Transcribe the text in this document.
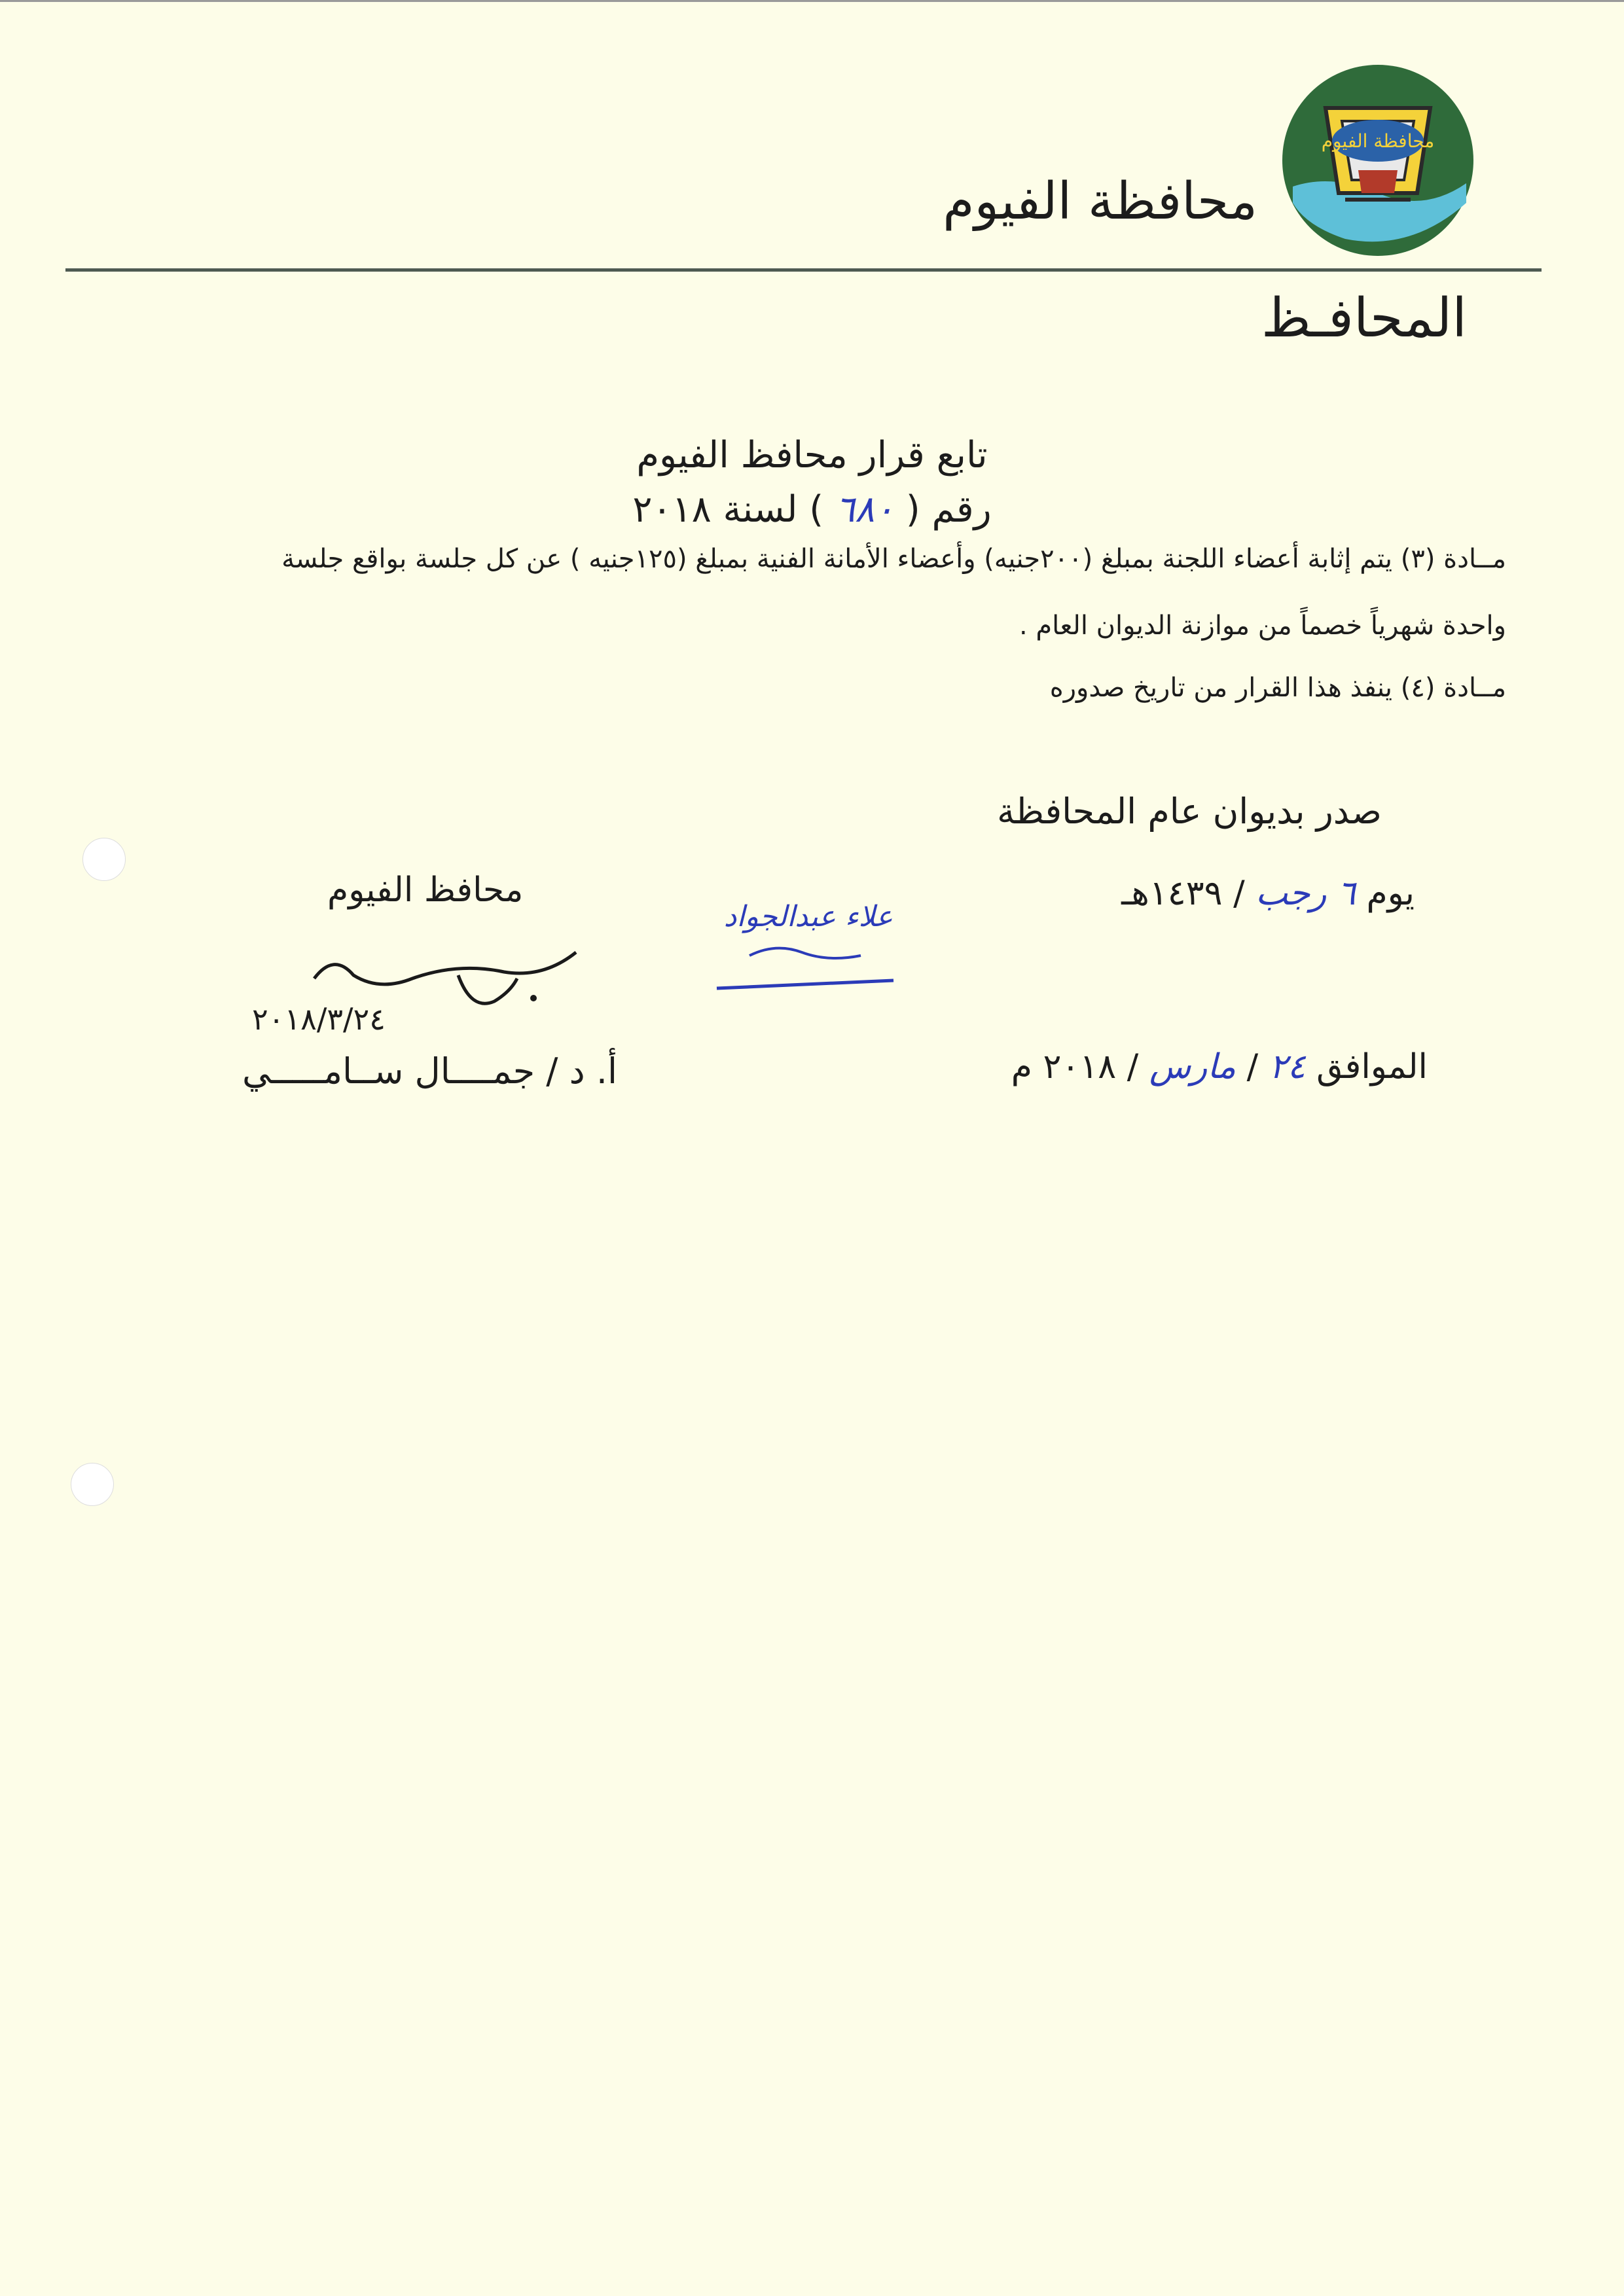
محافظة الفيوم
محافظة الفيوم
المحافـظ
تابع قرار محافظ الفيوم
رقم ( ٦٨٠ ) لسنة ٢٠١٨
مــادة (٣) يتم إثابة أعضاء اللجنة بمبلغ (٢٠٠جنيه) وأعضاء الأمانة الفنية بمبلغ (١٢٥جنيه ) عن كل جلسة بواقع جلسة
واحدة شهرياً خصماً من موازنة الديوان العام .
مــادة (٤) ينفذ هذا القرار من تاريخ صدوره
صدر بديوان عام المحافظة
يوم ٦ رجب / ١٤٣٩هـ
الموافق ٢٤ / مارس / ٢٠١٨ م
علاء عبدالجواد
محافظ الفيوم
٢٠١٨/٣/٢٤
أ. د / جمــــال ســامـــــي
